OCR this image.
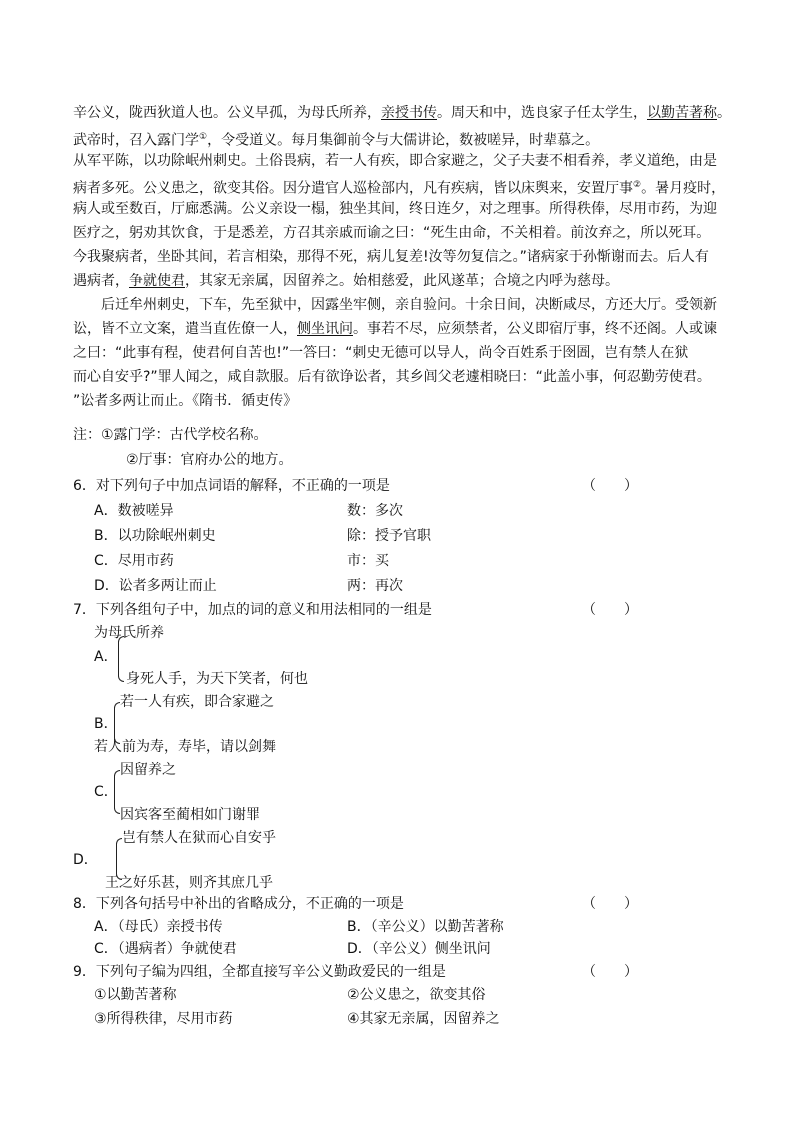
辛公义，陇西狄道人也。公义早孤，为母氏所养，亲授书传。周天和中，选良家子任太学生，以勤苦著称。
武帝时，召入露门学①，令受道义。每月集御前令与大儒讲论，数被嗟异，时辈慕之。
从军平陈，以功除岷州刺史。土俗畏病，若一人有疾，即合家避之，父子夫妻不相看养，孝义道绝，由是
病者多死。公义患之，欲变其俗。因分遣官人巡检部内，凡有疾病，皆以床舆来，安置厅事②。暑月疫时，
病人或至数百，厅廊悉满。公义亲设一榻，独坐其间，终日连夕，对之理事。所得秩俸，尽用市药，为迎
医疗之，躬劝其饮食，于是悉差，方召其亲戚而谕之曰：“死生由命，不关相着。前汝弃之，所以死耳。
今我聚病者，坐卧其间，若言相染，那得不死，病儿复差!汝等勿复信之。”诸病家于孙惭谢而去。后人有
遇病者，争就使君，其家无亲属，因留养之。始相慈爱，此风遂革；合境之内呼为慈母。
后迁牟州刺史，下车，先至狱中，因露坐牢侧，亲自验问。十余日间，决断咸尽，方还大厅。受领新
讼，皆不立文案，遣当直佐僚一人，侧坐讯问。事若不尽，应须禁者，公义即宿厅事，终不还阁。人或谏
之曰：“此事有程，使君何自苦也!”一答曰：“刺史无德可以导人，尚令百姓系于囹圄，岂有禁人在狱
而心自安乎?”罪人闻之，咸自款服。后有欲诤讼者，其乡闾父老遽相晓曰：“此盖小事，何忍勤劳使君。
”讼者多两让而止。《隋书．循吏传》
注：①露门学：古代学校名称。
②厅事：官府办公的地方。
6．对下列句子中加点词语的解释，不正确的一项是	（　　）
A．数被嗟异	数：多次
B．以功除岷州刺史	除：授予官职
C．尽用市药	市：买
D．讼者多两让而止	两：再次
7．下列各组句子中，加点的词的意义和用法相同的一组是	（　　）
为母氏所养
A．
身死人手，为天下笑者，何也
若一人有疾，即合家避之
B．
若人前为寿，寿毕，请以剑舞
因留养之
C．
因宾客至蔺相如门谢罪
岂有禁人在狱而心自安乎
D．
王之好乐甚，则齐其庶几乎
8．下列各句括号中补出的省略成分，不正确的一项是	（　　）
A．（母氏）亲授书传	B．（辛公义）以勤苦著称
C．（遇病者）争就使君	D．（辛公义）侧坐讯问
9．下列句子编为四组，全都直接写辛公义勤政爱民的一组是	（　　）
①以勤苦著称	②公义患之，欲变其俗
③所得秩律，尽用市药	④其家无亲属，因留养之
